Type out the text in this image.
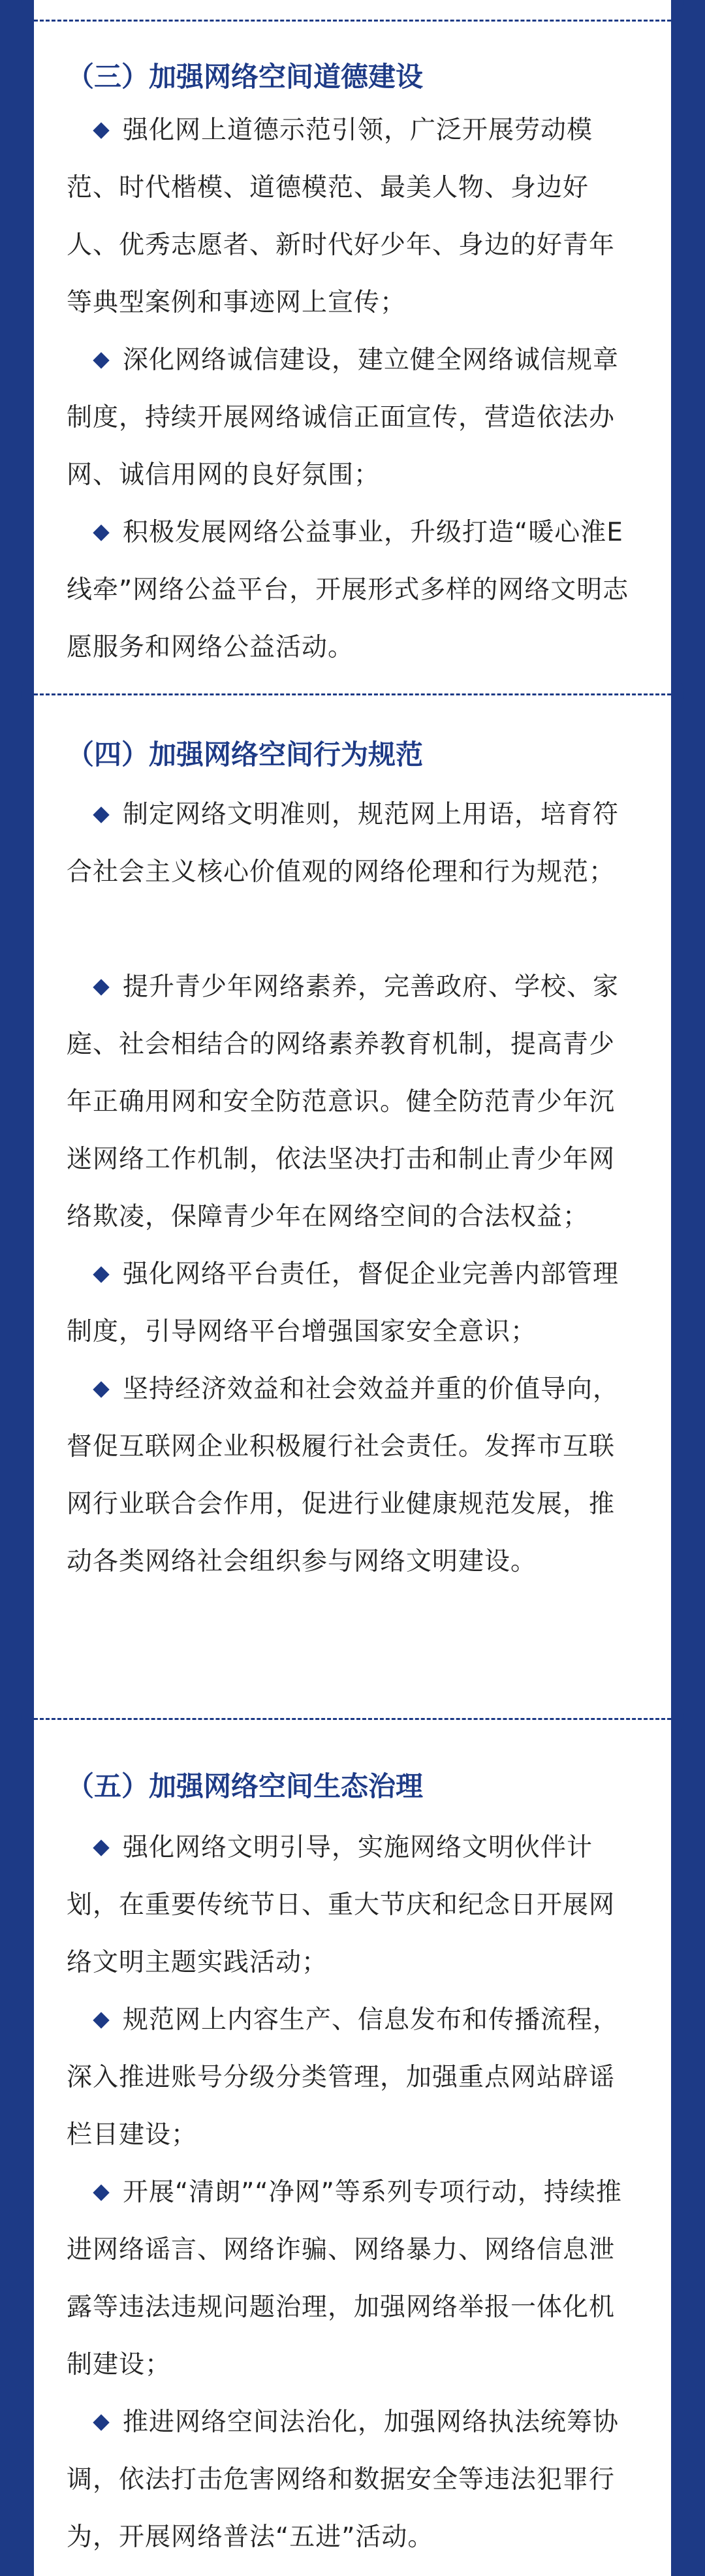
（三）加强网络空间道德建设

强化网上道德示范引领，广泛开展劳动模范、时代楷模、道德模范、最美人物、身边好人、优秀志愿者、新时代好少年、身边的好青年等典型案例和事迹网上宣传；

深化网络诚信建设，建立健全网络诚信规章制度，持续开展网络诚信正面宣传，营造依法办网、诚信用网的良好氛围；

积极发展网络公益事业，升级打造“暖心淮E线牵”网络公益平台，开展形式多样的网络文明志愿服务和网络公益活动。

（四）加强网络空间行为规范

制定网络文明准则，规范网上用语，培育符合社会主义核心价值观的网络伦理和行为规范；

提升青少年网络素养，完善政府、学校、家庭、社会相结合的网络素养教育机制，提高青少年正确用网和安全防范意识。健全防范青少年沉迷网络工作机制，依法坚决打击和制止青少年网络欺凌，保障青少年在网络空间的合法权益；

强化网络平台责任，督促企业完善内部管理制度，引导网络平台增强国家安全意识；

坚持经济效益和社会效益并重的价值导向，督促互联网企业积极履行社会责任。发挥市互联网行业联合会作用，促进行业健康规范发展，推动各类网络社会组织参与网络文明建设。

（五）加强网络空间生态治理

强化网络文明引导，实施网络文明伙伴计划，在重要传统节日、重大节庆和纪念日开展网络文明主题实践活动；

规范网上内容生产、信息发布和传播流程，深入推进账号分级分类管理，加强重点网站辟谣栏目建设；

开展“清朗”“净网”等系列专项行动，持续推进网络谣言、网络诈骗、网络暴力、网络信息泄露等违法违规问题治理，加强网络举报一体化机制建设；

推进网络空间法治化，加强网络执法统筹协调，依法打击危害网络和数据安全等违法犯罪行为，开展网络普法“五进”活动。
